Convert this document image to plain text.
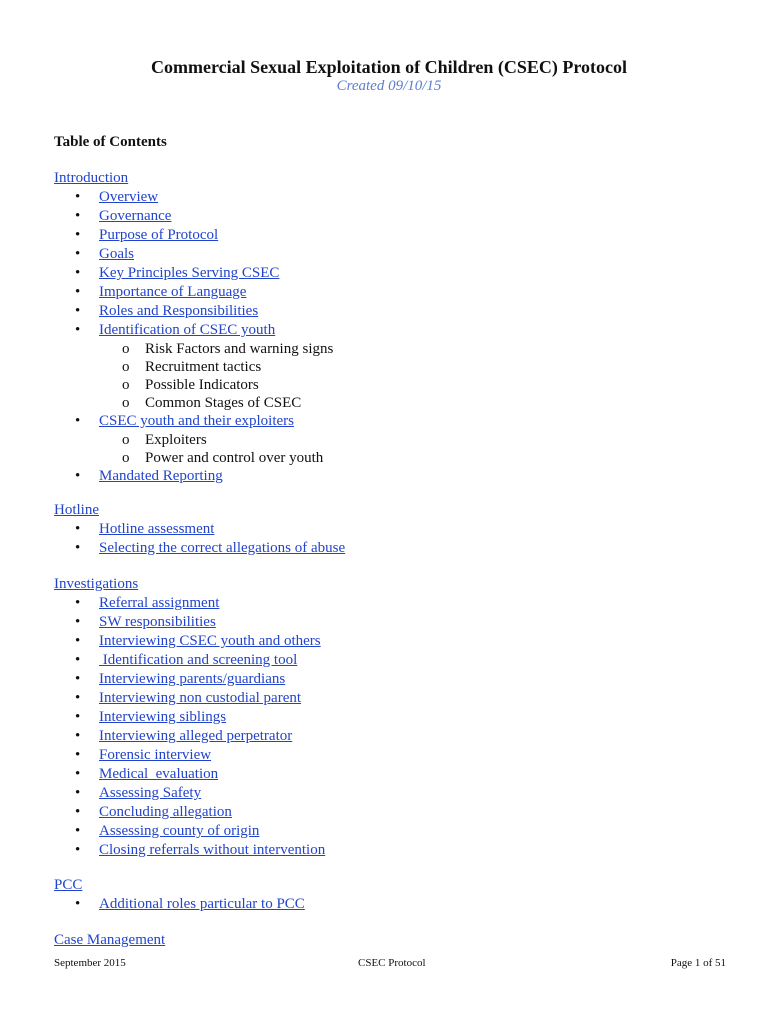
Commercial Sexual Exploitation of Children (CSEC) Protocol
Created 09/10/15
Table of Contents
Introduction
• Overview
• Governance
• Purpose of Protocol
• Goals
• Key Principles Serving CSEC
• Importance of Language
• Roles and Responsibilities
• Identification of CSEC youth
o Risk Factors and warning signs
o Recruitment tactics
o Possible Indicators
o Common Stages of CSEC
• CSEC youth and their exploiters
o Exploiters
o Power and control over youth
• Mandated Reporting
Hotline
• Hotline assessment
• Selecting the correct allegations of abuse
Investigations
• Referral assignment
• SW responsibilities
• Interviewing CSEC youth and others
•  Identification and screening tool
• Interviewing parents/guardians
• Interviewing non custodial parent
• Interviewing siblings
• Interviewing alleged perpetrator
• Forensic interview
• Medical  evaluation
• Assessing Safety
• Concluding allegation
• Assessing county of origin
• Closing referrals without intervention
PCC
• Additional roles particular to PCC
Case Management
September 2015	CSEC Protocol	Page 1 of 51
